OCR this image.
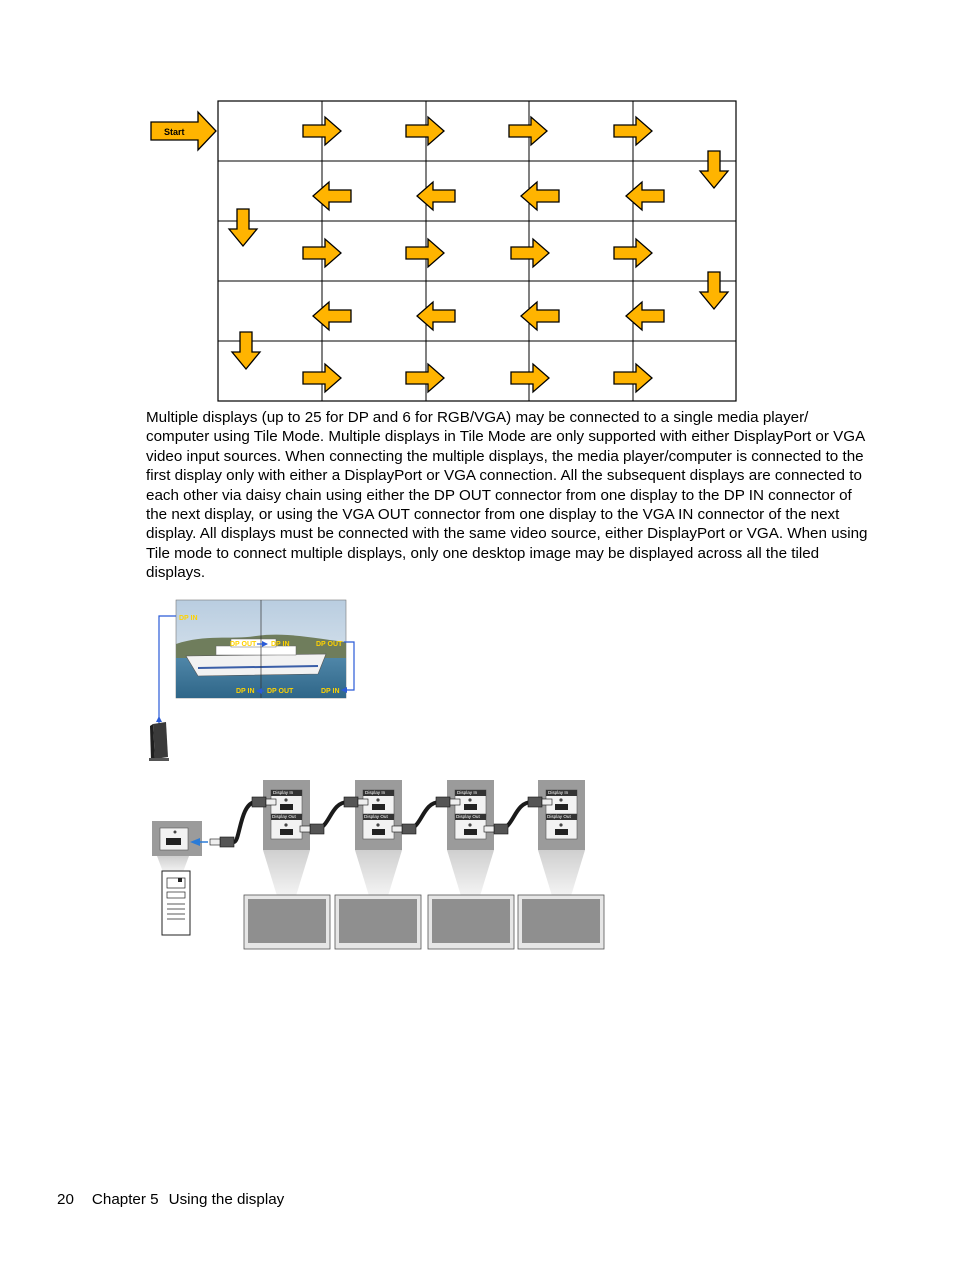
Start

Multiple displays (up to 25 for DP and 6 for RGB/VGA) may be connected to a single media player/ computer using Tile Mode. Multiple displays in Tile Mode are only supported with either DisplayPort or VGA video input sources. When connecting the multiple displays, the media player/computer is connected to the first display only with either a DisplayPort or VGA connection. All the subsequent displays are connected to each other via daisy chain using either the DP OUT connector from one display to the DP IN connector of the next display, or using the VGA OUT connector from one display to the VGA IN connector of the next display. All displays must be connected with the same video source, either DisplayPort or VGA. When using Tile mode to connect multiple displays, only one desktop image may be displayed across all the tiled displays.

DP IN
DP OUT DP IN	DP OUT
DP IN DP OUT	DP IN
Display In
Display Out
Display In
Display Out
Display In
Display Out
Display In
Display Out
20 Chapter 5 Using the display
